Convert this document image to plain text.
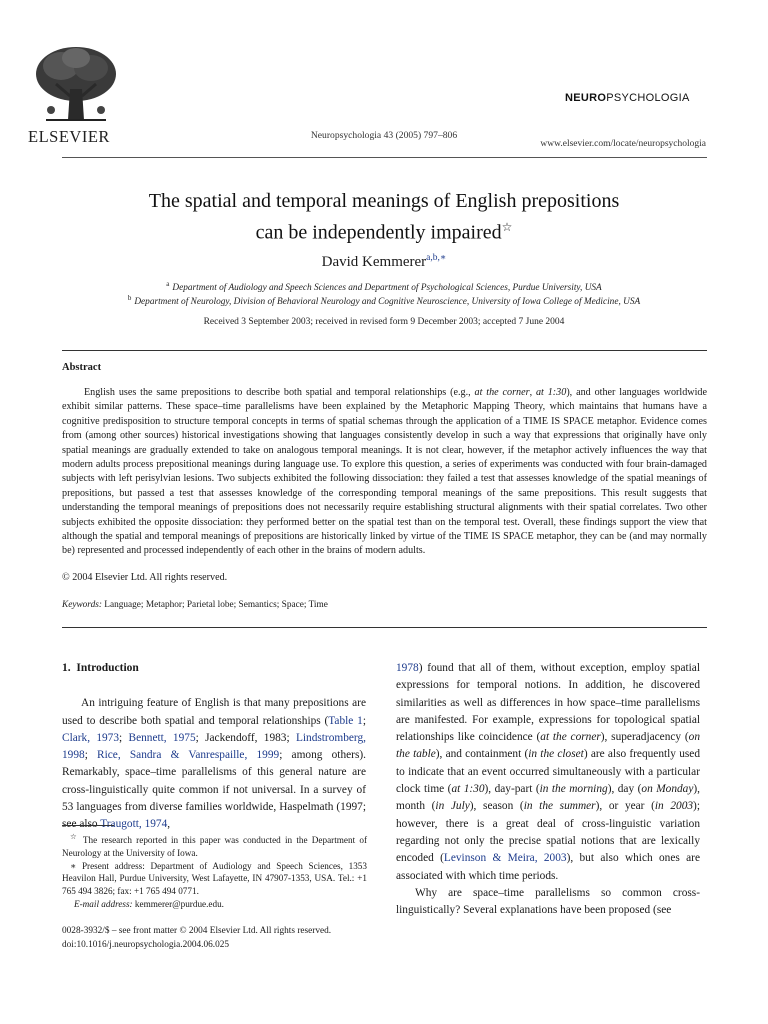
ELSEVIER	Neuropsychologia 43 (2005) 797–806
NEUROPSYCHOLOGIA
www.elsevier.com/locate/neuropsychologia
The spatial and temporal meanings of English prepositions
can be independently impaired☆
David Kemmerer$^{a,b,∗}$
$^a$ Department of Audiology and Speech Sciences and Department of Psychological Sciences, Purdue University, USA
$^b$ Department of Neurology, Division of Behavioral Neurology and Cognitive Neuroscience, University of Iowa College of Medicine, USA
Received 3 September 2003; received in revised form 9 December 2003; accepted 7 June 2004
Abstract
English uses the same prepositions to describe both spatial and temporal relationships (e.g., at the corner, at 1:30), and other languages worldwide exhibit similar patterns. These space–time parallelisms have been explained by the Metaphoric Mapping Theory, which maintains that humans have a cognitive predisposition to structure temporal concepts in terms of spatial schemas through the application of a TIME IS SPACE metaphor. Evidence comes from (among other sources) historical investigations showing that languages consistently develop in such a way that expressions that originally have only spatial meanings are gradually extended to take on analogous temporal meanings. It is not clear, however, if the metaphor actively influences the way that modern adults process prepositional meanings during language use. To explore this question, a series of experiments was conducted with four brain-damaged subjects with left perisylvian lesions. Two subjects exhibited the following dissociation: they failed a test that assesses knowledge of the spatial meanings of prepositions, but passed a test that assesses knowledge of the corresponding temporal meanings of the same prepositions. This result suggests that understanding the temporal meanings of prepositions does not necessarily require establishing structural alignments with their spatial correlates. Two other subjects exhibited the opposite dissociation: they performed better on the spatial test than on the temporal test. Overall, these findings support the view that although the spatial and temporal meanings of prepositions are historically linked by virtue of the TIME IS SPACE metaphor, they can be (and may normally be) represented and processed independently of each other in the brains of modern adults.
© 2004 Elsevier Ltd. All rights reserved.
Keywords: Language; Metaphor; Parietal lobe; Semantics; Space; Time
1. Introduction

An intriguing feature of English is that many prepositions are used to describe both spatial and temporal relationships (Table 1; Clark, 1973; Bennett, 1975; Jackendoff, 1983; Lindstromberg, 1998; Rice, Sandra & Vanrespaille, 1999; among others). Remarkably, space–time parallelisms of this general nature are cross-linguistically quite common if not universal. In a survey of 53 languages from diverse families worldwide, Haspelmath (1997; see also Traugott, 1974,

☆ The research reported in this paper was conducted in the Department of Neurology at the University of Iowa.

∗ Present address: Department of Audiology and Speech Sciences, 1353 Heavilon Hall, Purdue University, West Lafayette, IN 47907-1353, USA. Tel.: +1 765 494 3826; fax: +1 765 494 0771.

E-mail address: kemmerer@purdue.edu.

0028-3932/$ – see front matter © 2004 Elsevier Ltd. All rights reserved.
doi:10.1016/j.neuropsychologia.2004.06.025

1978) found that all of them, without exception, employ spatial expressions for temporal notions. In addition, he discovered similarities as well as differences in how space–time parallelisms are manifested. For example, expressions for topological spatial relationships like coincidence (at the corner), superadjacency (on the table), and containment (in the closet) are also frequently used to indicate that an event occurred simultaneously with a particular clock time (at 1:30), day-part (in the morning), day (on Monday), month (in July), season (in the summer), or year (in 2003); however, there is a great deal of cross-linguistic variation regarding not only the precise spatial notions that are lexically encoded (Levinson & Meira, 2003), but also which ones are associated with which time periods.

Why are space–time parallelisms so common cross-linguistically? Several explanations have been proposed (see
